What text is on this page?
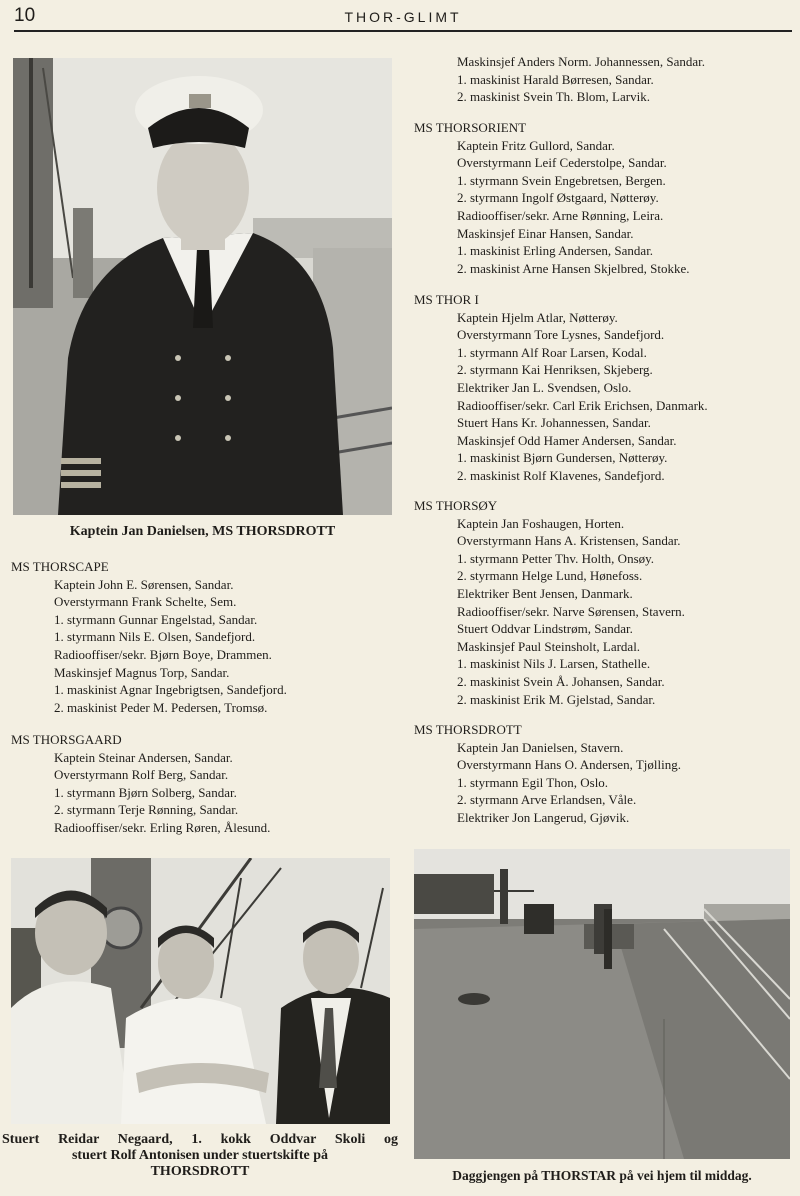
10	THOR-GLIMT
Kaptein Jan Danielsen, MS THORSDROTT
MS THORSCAPE
Kaptein John E. Sørensen, Sandar.
Overstyrmann Frank Schelte, Sem.
1. styrmann Gunnar Engelstad, Sandar.
1. styrmann Nils E. Olsen, Sandefjord.
Radiooffiser/sekr. Bjørn Boye, Drammen.
Maskinsjef Magnus Torp, Sandar.
1. maskinist Agnar Ingebrigtsen, Sandefjord.
2. maskinist Peder M. Pedersen, Tromsø.
MS THORSGAARD
Kaptein Steinar Andersen, Sandar.
Overstyrmann Rolf Berg, Sandar.
1. styrmann Bjørn Solberg, Sandar.
2. styrmann Terje Rønning, Sandar.
Radiooffiser/sekr. Erling Røren, Ålesund.
Maskinsjef Anders Norm. Johannessen, Sandar.
1. maskinist Harald Børresen, Sandar.
2. maskinist Svein Th. Blom, Larvik.
MS THORSORIENT
Kaptein Fritz Gullord, Sandar.
Overstyrmann Leif Cederstolpe, Sandar.
1. styrmann Svein Engebretsen, Bergen.
2. styrmann Ingolf Østgaard, Nøtterøy.
Radiooffiser/sekr. Arne Rønning, Leira.
Maskinsjef Einar Hansen, Sandar.
1. maskinist Erling Andersen, Sandar.
2. maskinist Arne Hansen Skjelbred, Stokke.
MS THOR I
Kaptein Hjelm Atlar, Nøtterøy.
Overstyrmann Tore Lysnes, Sandefjord.
1. styrmann Alf Roar Larsen, Kodal.
2. styrmann Kai Henriksen, Skjeberg.
Elektriker Jan L. Svendsen, Oslo.
Radiooffiser/sekr. Carl Erik Erichsen, Danmark.
Stuert Hans Kr. Johannessen, Sandar.
Maskinsjef Odd Hamer Andersen, Sandar.
1. maskinist Bjørn Gundersen, Nøtterøy.
2. maskinist Rolf Klavenes, Sandefjord.
MS THORSØY
Kaptein Jan Foshaugen, Horten.
Overstyrmann Hans A. Kristensen, Sandar.
1. styrmann Petter Thv. Holth, Onsøy.
2. styrmann Helge Lund, Hønefoss.
Elektriker Bent Jensen, Danmark.
Radiooffiser/sekr. Narve Sørensen, Stavern.
Stuert Oddvar Lindstrøm, Sandar.
Maskinsjef Paul Steinsholt, Lardal.
1. maskinist Nils J. Larsen, Stathelle.
2. maskinist Svein Å. Johansen, Sandar.
2. maskinist Erik M. Gjelstad, Sandar.
MS THORSDROTT
Kaptein Jan Danielsen, Stavern.
Overstyrmann Hans O. Andersen, Tjølling.
1. styrmann Egil Thon, Oslo.
2. styrmann Arve Erlandsen, Våle.
Elektriker Jon Langerud, Gjøvik.
Stuert Reidar Negaard, 1. kokk Oddvar Skoli og
stuert Rolf Antonisen under stuertskifte på
THORSDROTT	Daggjengen på THORSTAR på vei hjem til middag.
